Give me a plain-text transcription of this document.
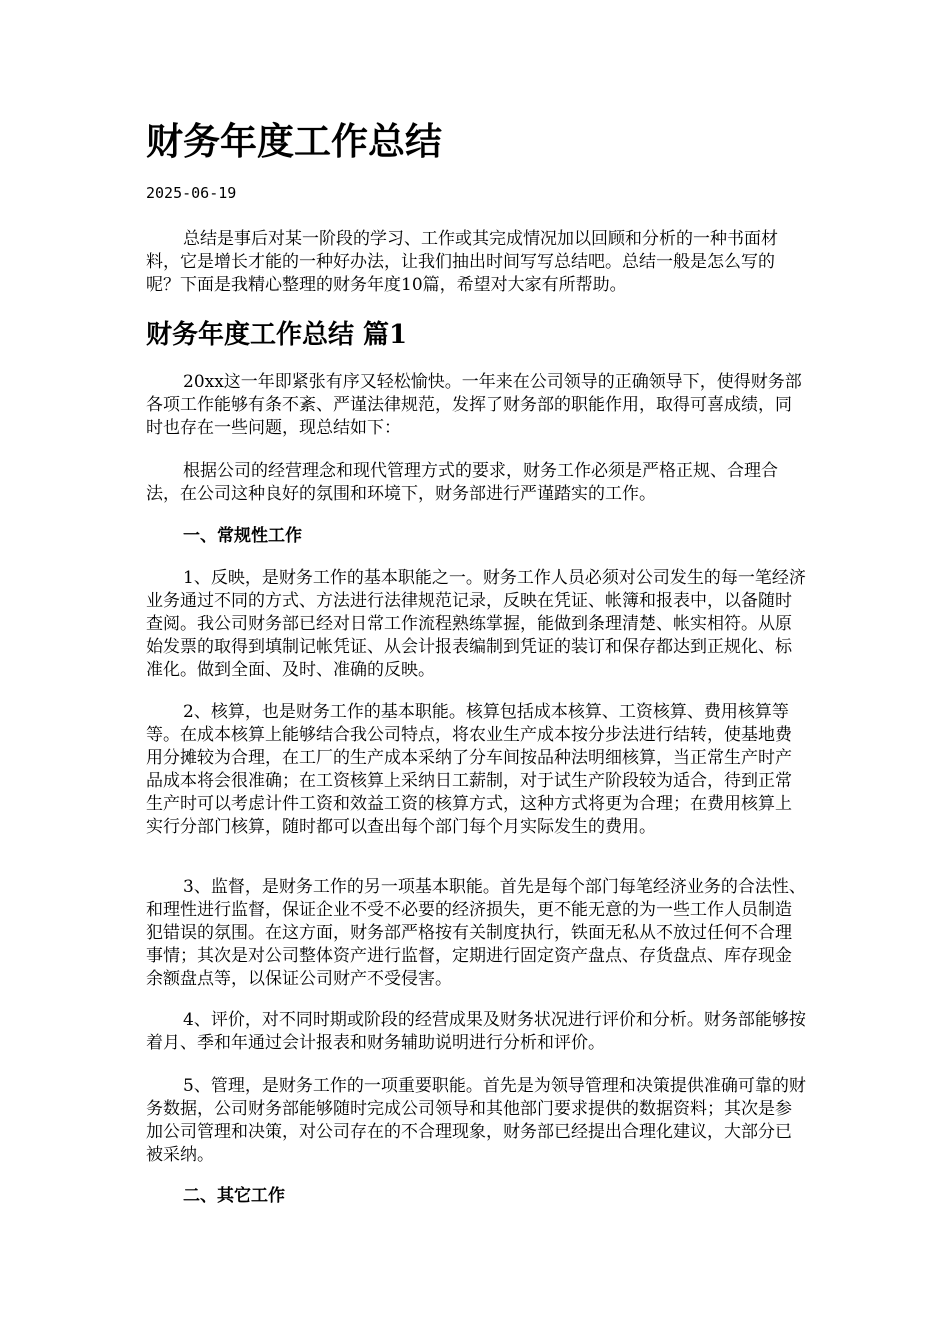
财务年度工作总结
2025-06-19

总结是事后对某一阶段的学习、工作或其完成情况加以回顾和分析的一种书面材料，它是增长才能的一种好办法，让我们抽出时间写写总结吧。总结一般是怎么写的呢？下面是我精心整理的财务年度10篇，希望对大家有所帮助。

财务年度工作总结 篇1

20xx这一年即紧张有序又轻松愉快。一年来在公司领导的正确领导下，使得财务部各项工作能够有条不紊、严谨法律规范，发挥了财务部的职能作用，取得可喜成绩，同时也存在一些问题，现总结如下：

根据公司的经营理念和现代管理方式的要求，财务工作必须是严格正规、合理合法，在公司这种良好的氛围和环境下，财务部进行严谨踏实的工作。

一、常规性工作

1、反映，是财务工作的基本职能之一。财务工作人员必须对公司发生的每一笔经济业务通过不同的方式、方法进行法律规范记录，反映在凭证、帐簿和报表中，以备随时查阅。我公司财务部已经对日常工作流程熟练掌握，能做到条理清楚、帐实相符。从原始发票的取得到填制记帐凭证、从会计报表编制到凭证的装订和保存都达到正规化、标准化。做到全面、及时、准确的反映。

2、核算，也是财务工作的基本职能。核算包括成本核算、工资核算、费用核算等等。在成本核算上能够结合我公司特点，将农业生产成本按分步法进行结转，使基地费用分摊较为合理，在工厂的生产成本采纳了分车间按品种法明细核算，当正常生产时产品成本将会很准确；在工资核算上采纳日工薪制，对于试生产阶段较为适合，待到正常生产时可以考虑计件工资和效益工资的核算方式，这种方式将更为合理；在费用核算上实行分部门核算，随时都可以查出每个部门每个月实际发生的费用。

3、监督，是财务工作的另一项基本职能。首先是每个部门每笔经济业务的合法性、和理性进行监督，保证企业不受不必要的经济损失，更不能无意的为一些工作人员制造犯错误的氛围。在这方面，财务部严格按有关制度执行，铁面无私从不放过任何不合理事情；其次是对公司整体资产进行监督，定期进行固定资产盘点、存货盘点、库存现金余额盘点等，以保证公司财产不受侵害。

4、评价，对不同时期或阶段的经营成果及财务状况进行评价和分析。财务部能够按着月、季和年通过会计报表和财务辅助说明进行分析和评价。

5、管理，是财务工作的一项重要职能。首先是为领导管理和决策提供准确可靠的财务数据，公司财务部能够随时完成公司领导和其他部门要求提供的数据资料；其次是参加公司管理和决策，对公司存在的不合理现象，财务部已经提出合理化建议，大部分已被采纳。

二、其它工作
